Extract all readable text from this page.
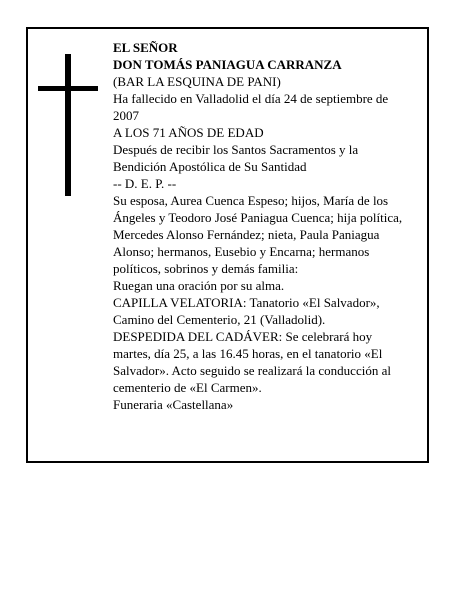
EL SEÑOR
DON TOMÁS PANIAGUA CARRANZA
(BAR LA ESQUINA DE PANI)
Ha fallecido en Valladolid el día 24 de septiembre de 2007
A LOS 71 AÑOS DE EDAD
Después de recibir los Santos Sacramentos y la Bendición Apostólica de Su Santidad
-- D. E. P. --
Su esposa, Aurea Cuenca Espeso; hijos, María de los Ángeles y Teodoro José Paniagua Cuenca; hija política, Mercedes Alonso Fernández; nieta, Paula Paniagua Alonso; hermanos, Eusebio y Encarna; hermanos políticos, sobrinos y demás familia:
Ruegan una oración por su alma.
CAPILLA VELATORIA: Tanatorio «El Salvador», Camino del Cementerio, 21 (Valladolid).
DESPEDIDA DEL CADÁVER: Se celebrará hoy martes, día 25, a las 16.45 horas, en el tanatorio «El Salvador». Acto seguido se realizará la conducción al cementerio de «El Carmen».
Funeraria «Castellana»
